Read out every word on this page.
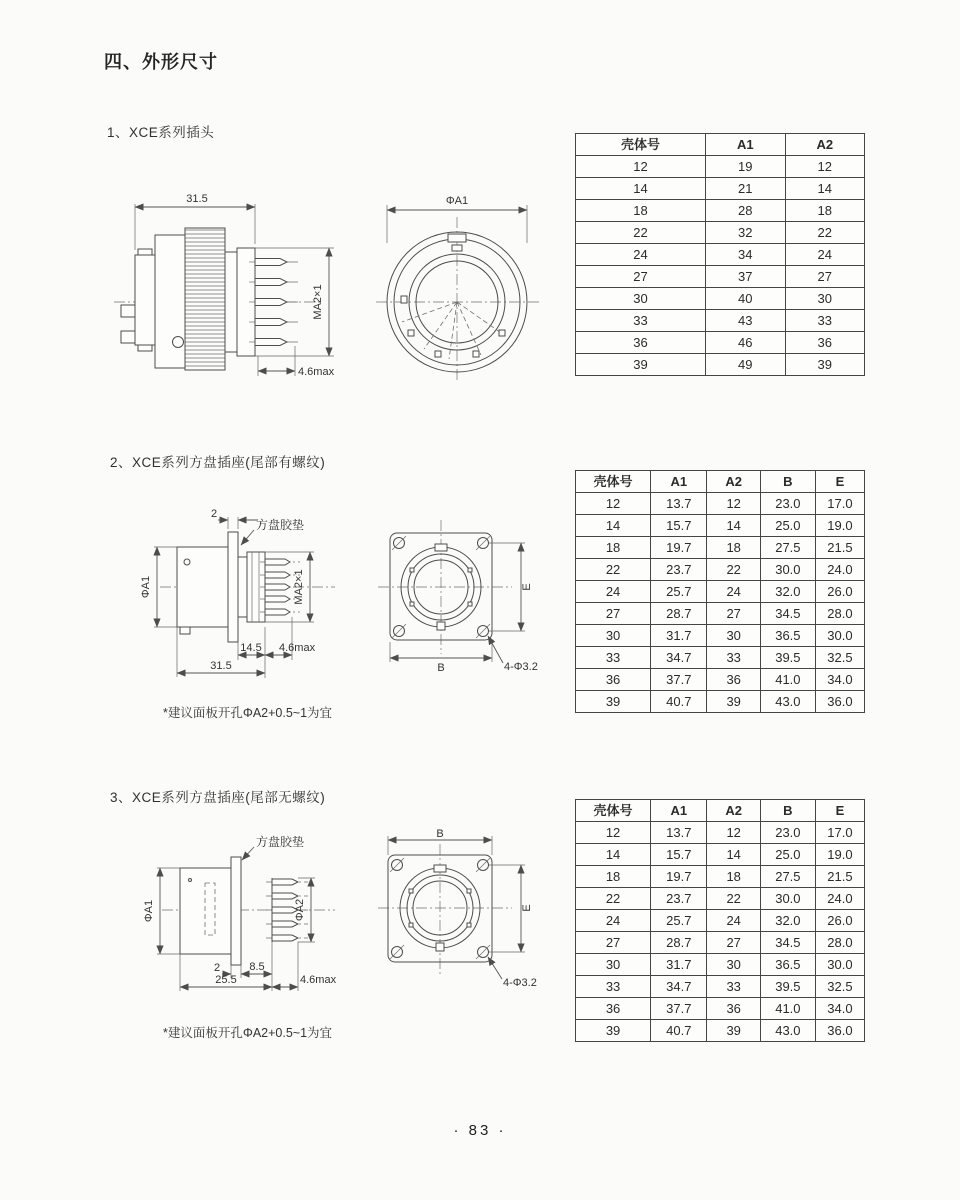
四、外形尺寸
1、XCE系列插头
31.5
MA2×1
4.6max
ΦA1
壳体号	A1	A2
12	19	12
14	21	14
18	28	18
22	32	22
24	34	24
27	37	27
30	40	30
33	43	33
36	46	36
39	49	39
2、XCE系列方盘插座(尾部有螺纹)
2
方盘胶垫
ΦA1	MA2×1
14.5 4.6max
31.5
E
B	4-Φ3.2
*建议面板开孔ΦA2+0.5~1为宜
壳体号	A1	A2	B	E
12	13.7	12	23.0	17.0
14	15.7	14	25.0	19.0
18	19.7	18	27.5	21.5
22	23.7	22	30.0	24.0
24	25.7	24	32.0	26.0
27	28.7	27	34.5	28.0
30	31.7	30	36.5	30.0
33	34.7	33	39.5	32.5
36	37.7	36	41.0	34.0
39	40.7	39	43.0	36.0
3、XCE系列方盘插座(尾部无螺纹)
方盘胶垫
ΦA1	ΦA2
2	8.5
25.5	4.6max
B
E
4-Φ3.2
*建议面板开孔ΦA2+0.5~1为宜
壳体号	A1	A2	B	E
12	13.7	12	23.0	17.0
14	15.7	14	25.0	19.0
18	19.7	18	27.5	21.5
22	23.7	22	30.0	24.0
24	25.7	24	32.0	26.0
27	28.7	27	34.5	28.0
30	31.7	30	36.5	30.0
33	34.7	33	39.5	32.5
36	37.7	36	41.0	34.0
39	40.7	39	43.0	36.0
· 83 ·
